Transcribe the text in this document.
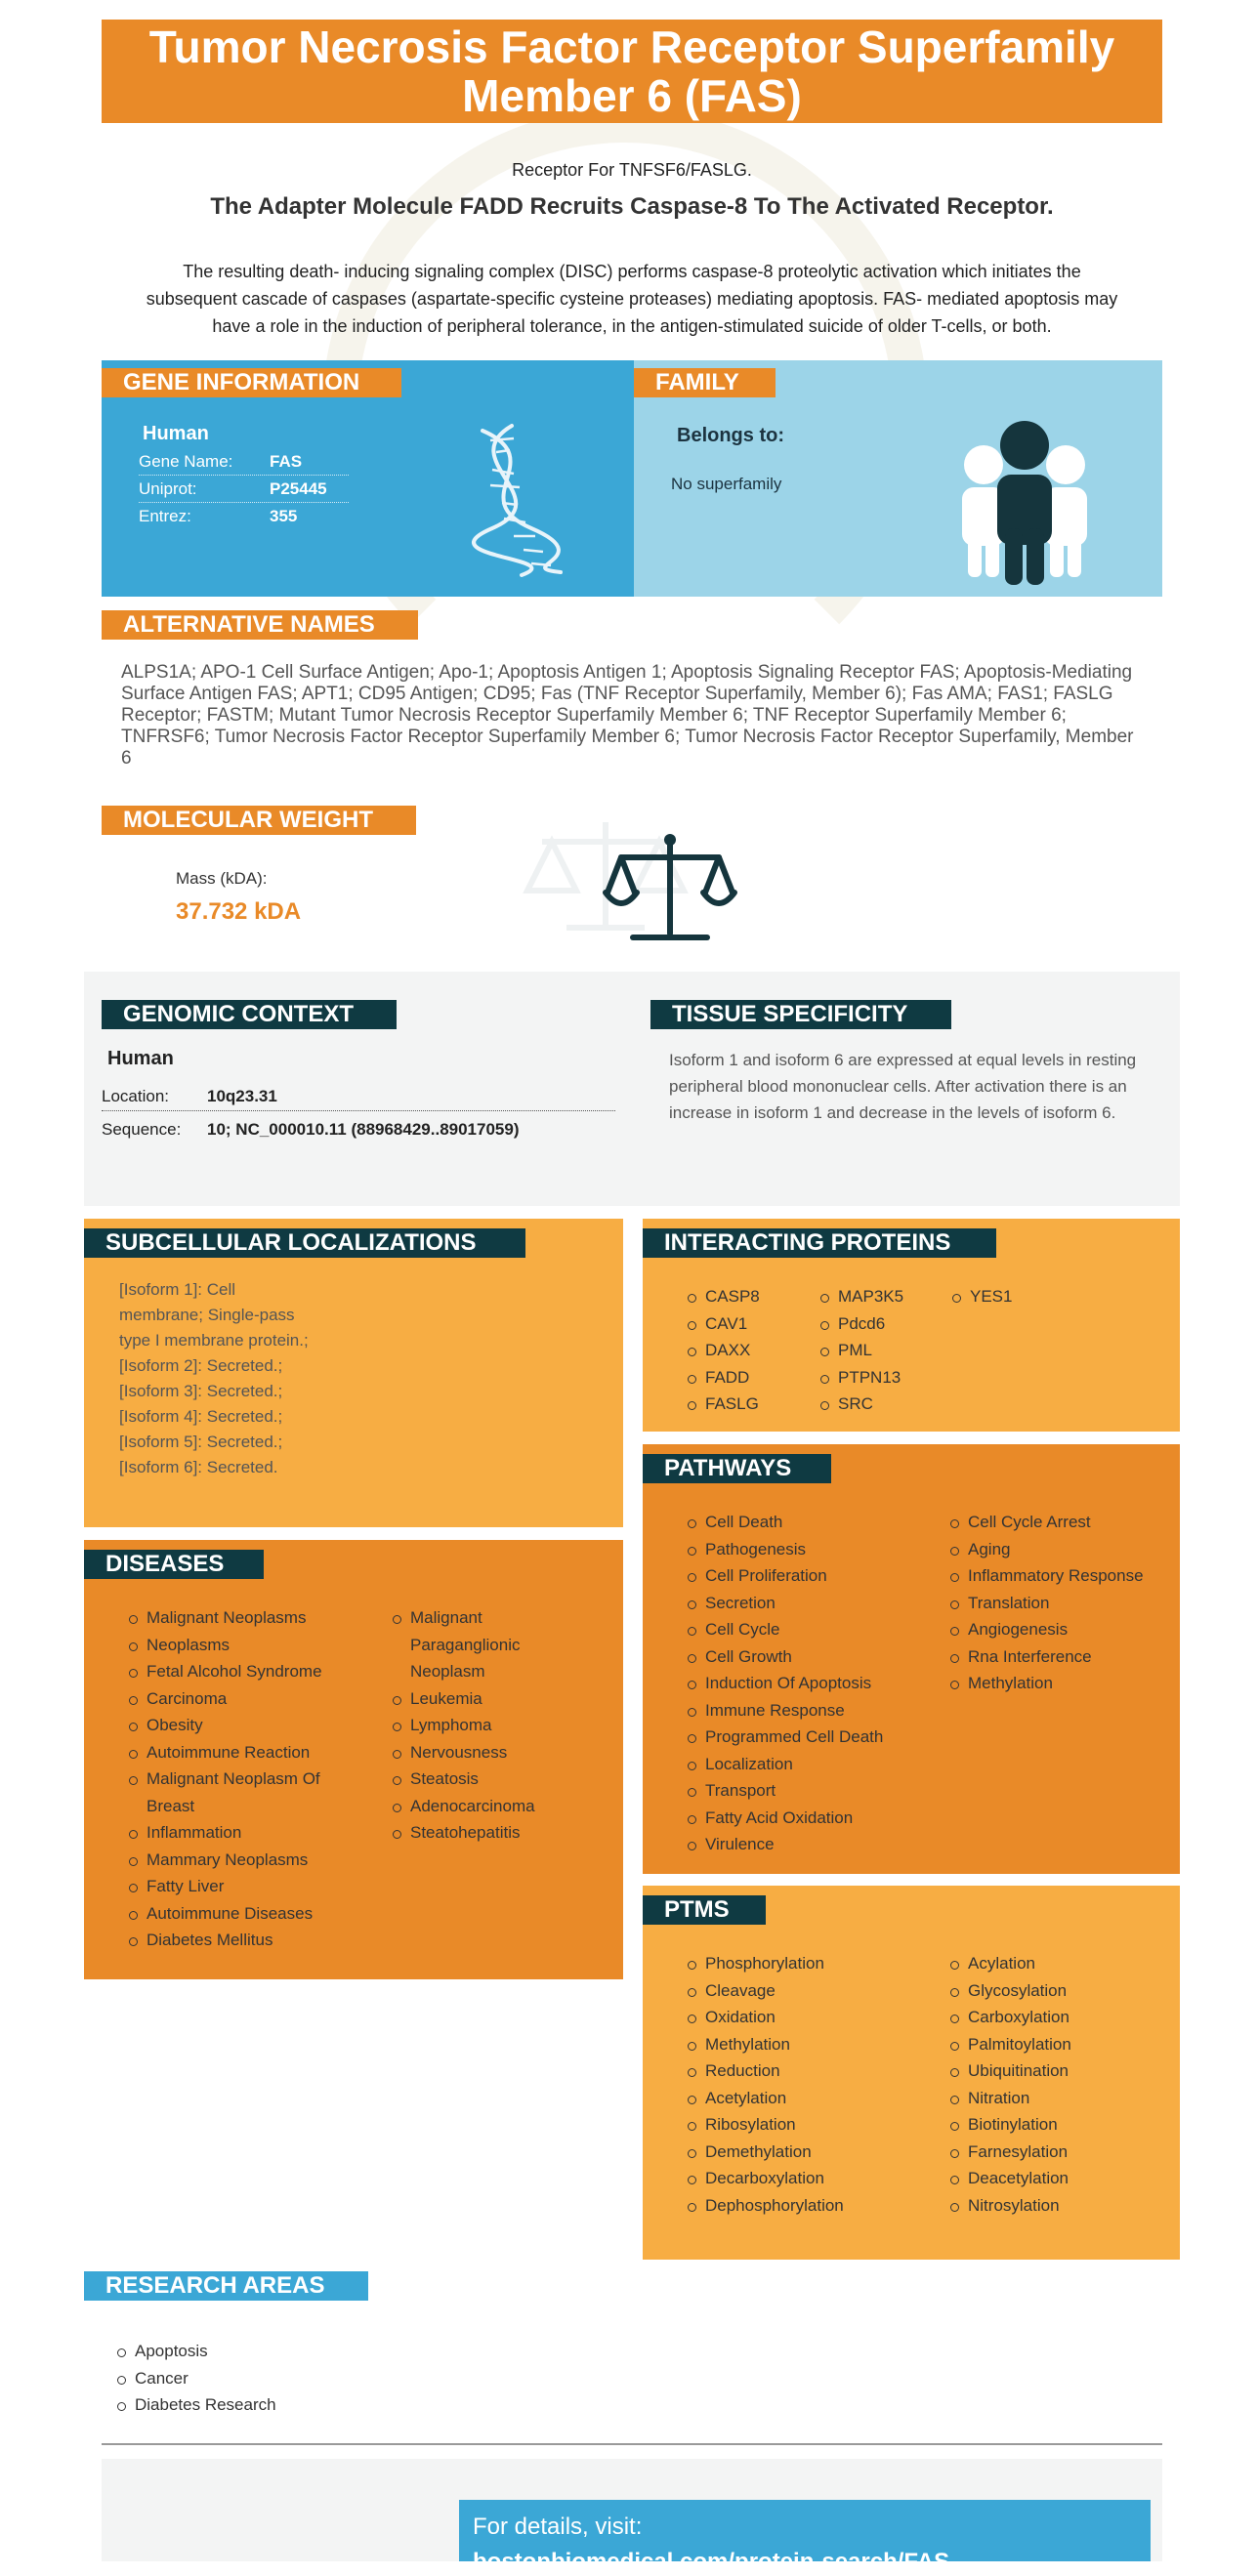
Tumor Necrosis Factor Receptor Superfamily Member 6 (FAS)
Receptor For TNFSF6/FASLG.
The Adapter Molecule FADD Recruits Caspase-8 To The Activated Receptor.
The resulting death- inducing signaling complex (DISC) performs caspase-8 proteolytic activation which initiates the subsequent cascade of caspases (aspartate-specific cysteine proteases) mediating apoptosis. FAS- mediated apoptosis may have a role in the induction of peripheral tolerance, in the antigen-stimulated suicide of older T-cells, or both.
GENE INFORMATION
Human
Gene Name: FAS
Uniprot:	P25445
Entrez:	355
FAMILY
Belongs to:
No superfamily
ALTERNATIVE NAMES
ALPS1A; APO-1 Cell Surface Antigen; Apo-1; Apoptosis Antigen 1; Apoptosis Signaling Receptor FAS; Apoptosis-Mediating Surface Antigen FAS; APT1; CD95 Antigen; CD95; Fas (TNF Receptor Superfamily, Member 6); Fas AMA; FAS1; FASLG Receptor; FASTM; Mutant Tumor Necrosis Receptor Superfamily Member 6; TNF Receptor Superfamily Member 6; TNFRSF6; Tumor Necrosis Factor Receptor Superfamily Member 6; Tumor Necrosis Factor Receptor Superfamily, Member 6
MOLECULAR WEIGHT
Mass (kDA):
37.732 kDA
GENOMIC CONTEXT
Human
Location: 10q23.31
Sequence: 10; NC_000010.11 (88968429..89017059)
TISSUE SPECIFICITY
Isoform 1 and isoform 6 are expressed at equal levels in resting peripheral blood mononuclear cells. After activation there is an increase in isoform 1 and decrease in the levels of isoform 6.
SUBCELLULAR LOCALIZATIONS
[Isoform 1]: Cell
membrane; Single-pass
type I membrane protein.;
[Isoform 2]: Secreted.;
[Isoform 3]: Secreted.;
[Isoform 4]: Secreted.;
[Isoform 5]: Secreted.;
[Isoform 6]: Secreted.
INTERACTING PROTEINS
CASP8
CAV1
DAXX
FADD
FASLG
MAP3K5
Pdcd6
PML
PTPN13
SRC
YES1
PATHWAYS
Cell Death
Pathogenesis
Cell Proliferation
Secretion
Cell Cycle
Cell Growth
Induction Of Apoptosis
Immune Response
Programmed Cell Death
Localization
Transport
Fatty Acid Oxidation
Virulence
Cell Cycle Arrest
Aging
Inflammatory Response
Translation
Angiogenesis
Rna Interference
Methylation
DISEASES
Malignant Neoplasms
Neoplasms
Fetal Alcohol Syndrome
Carcinoma
Obesity
Autoimmune Reaction
Malignant Neoplasm Of Breast
Inflammation
Mammary Neoplasms
Fatty Liver
Autoimmune Diseases
Diabetes Mellitus
Malignant Paraganglionic Neoplasm
Leukemia
Lymphoma
Nervousness
Steatosis
Adenocarcinoma
Steatohepatitis
PTMS
Phosphorylation
Cleavage
Oxidation
Methylation
Reduction
Acetylation
Ribosylation
Demethylation
Decarboxylation
Dephosphorylation
Acylation
Glycosylation
Carboxylation
Palmitoylation
Ubiquitination
Nitration
Biotinylation
Farnesylation
Deacetylation
Nitrosylation
RESEARCH AREAS
Apoptosis
Cancer
Diabetes Research
For details, visit:
bostonbiomedical.com/protein-search/FAS
